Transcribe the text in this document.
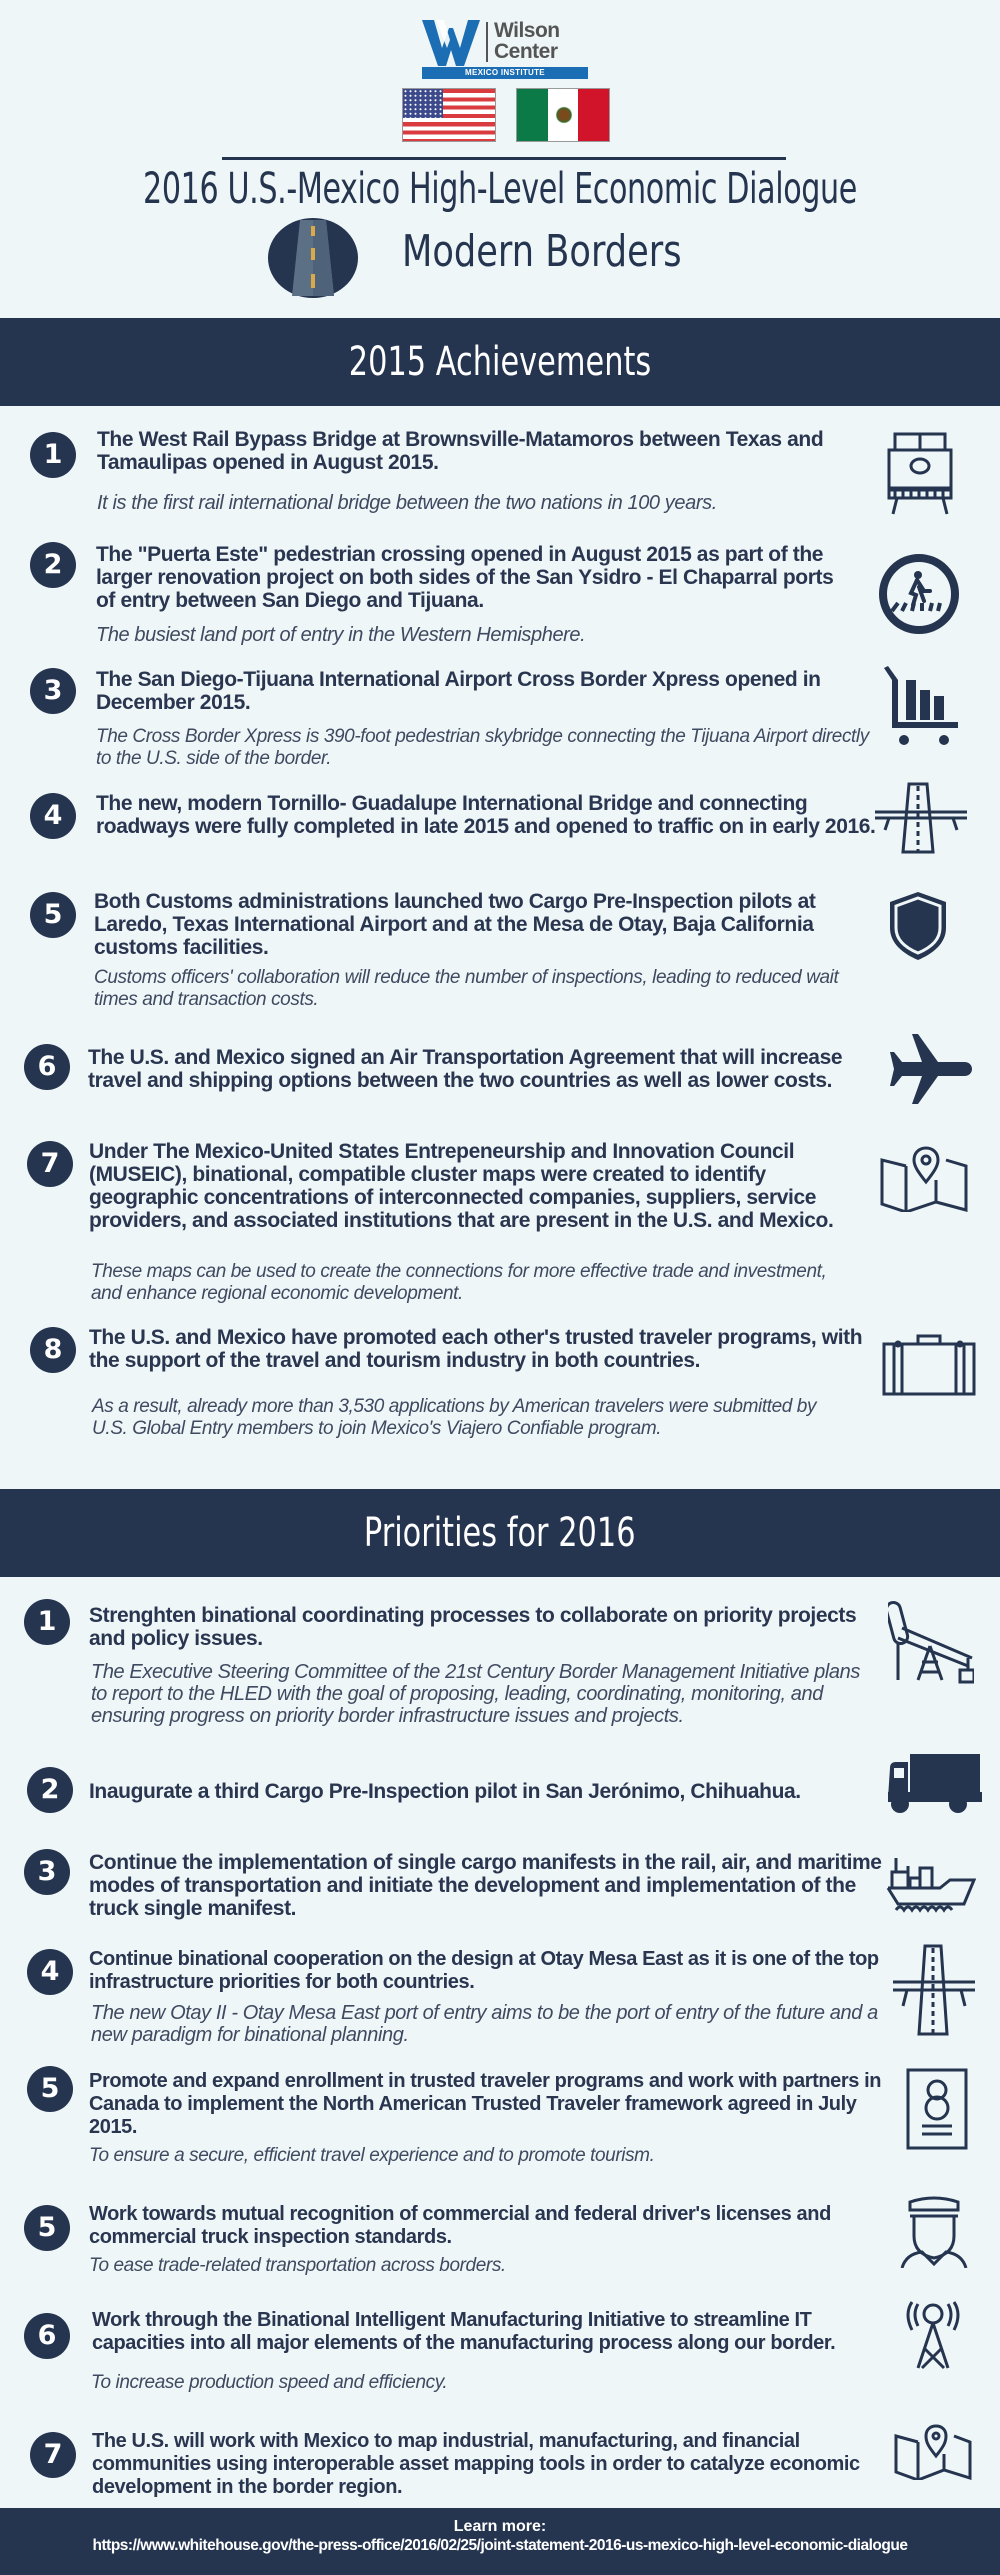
Wilson
Center
MEXICO INSTITUTE
2016 U.S.-Mexico High-Level Economic Dialogue
Modern Borders
2015 Achievements
1	The West Rail Bypass Bridge at Brownsville-Matamoros between Texas and Tamaulipas opened in August 2015.
It is the first rail international bridge between the two nations in 100 years.
2	The "Puerta Este" pedestrian crossing opened in August 2015 as part of the larger renovation project on both sides of the San Ysidro - El Chaparral ports of entry between San Diego and Tijuana.
The busiest land port of entry in the Western Hemisphere.
3	The San Diego-Tijuana International Airport Cross Border Xpress opened in December 2015.
The Cross Border Xpress is 390-foot pedestrian skybridge connecting the Tijuana Airport directly to the U.S. side of the border.
4	The new, modern Tornillo- Guadalupe International Bridge and connecting roadways were fully completed in late 2015 and opened to traffic on in early 2016.
5	Both Customs administrations launched two Cargo Pre-Inspection pilots at Laredo, Texas International Airport and at the Mesa de Otay, Baja California customs facilities.
Customs officers' collaboration will reduce the number of inspections, leading to reduced wait times and transaction costs.
6	The U.S. and Mexico signed an Air Transportation Agreement that will increase travel and shipping options between the two countries as well as lower costs.
7	Under The Mexico-United States Entrepeneurship and Innovation Council (MUSEIC), binational, compatible cluster maps were created to identify geographic concentrations of interconnected companies, suppliers, service providers, and associated institutions that are present in the U.S. and Mexico.
These maps can be used to create the connections for more effective trade and investment, and enhance regional economic development.
8	The U.S. and Mexico have promoted each other's trusted traveler programs, with the support of the travel and tourism industry in both countries.
As a result, already more than 3,530 applications by American travelers were submitted by U.S. Global Entry members to join Mexico's Viajero Confiable program.
Priorities for 2016
1	Strenghten binational coordinating processes to collaborate on priority projects and policy issues.
The Executive Steering Committee of the 21st Century Border Management Initiative plans to report to the HLED with the goal of proposing, leading, coordinating, monitoring, and ensuring progress on priority border infrastructure issues and projects.
2	Inaugurate a third Cargo Pre-Inspection pilot in San Jerónimo, Chihuahua.
3	Continue the implementation of single cargo manifests in the rail, air, and maritime modes of transportation and initiate the development and implementation of the truck single manifest.
4	Continue binational cooperation on the design at Otay Mesa East as it is one of the top infrastructure priorities for both countries.
The new Otay II - Otay Mesa East port of entry aims to be the port of entry of the future and a new paradigm for binational planning.
5	Promote and expand enrollment in trusted traveler programs and work with partners in Canada to implement the North American Trusted Traveler framework agreed in July 2015.
To ensure a secure, efficient travel experience and to promote tourism.
5	Work towards mutual recognition of commercial and federal driver's licenses and commercial truck inspection standards.
To ease trade-related transportation across borders.
6	Work through the Binational Intelligent Manufacturing Initiative to streamline IT capacities into all major elements of the manufacturing process along our border.
To increase production speed and efficiency.
7	The U.S. will work with Mexico to map industrial, manufacturing, and financial communities using interoperable asset mapping tools in order to catalyze economic development in the border region.
Learn more:
https://www.whitehouse.gov/the-press-office/2016/02/25/joint-statement-2016-us-mexico-high-level-economic-dialogue
